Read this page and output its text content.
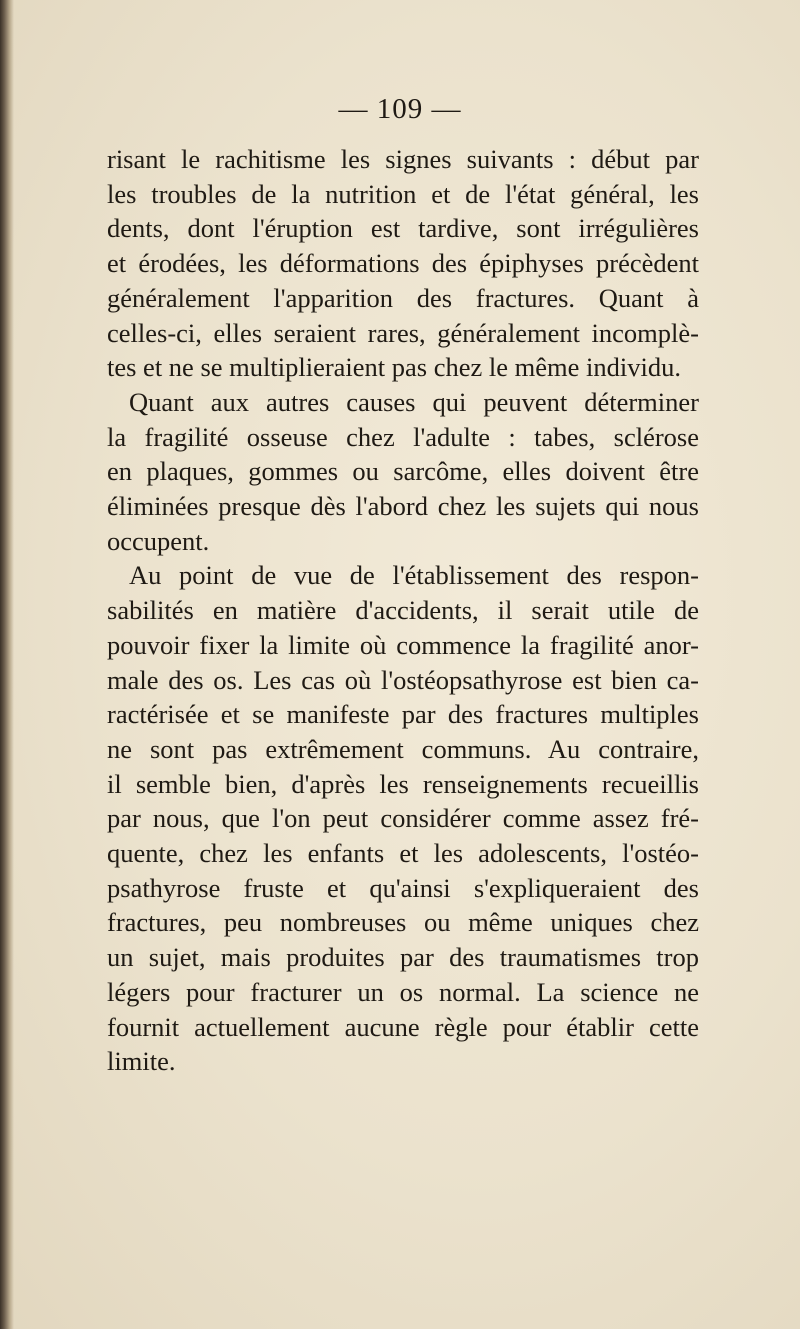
— 109 —
risant le rachitisme les signes suivants : début par
les troubles de la nutrition et de l'état général, les
dents, dont l'éruption est tardive, sont irrégulières
et érodées, les déformations des épiphyses précèdent
généralement l'apparition des fractures. Quant à
celles-ci, elles seraient rares, généralement incomplè-
tes et ne se multiplieraient pas chez le même individu.
Quant aux autres causes qui peuvent déterminer
la fragilité osseuse chez l'adulte : tabes, sclérose
en plaques, gommes ou sarcôme, elles doivent être
éliminées presque dès l'abord chez les sujets qui nous
occupent.
Au point de vue de l'établissement des respon-
sabilités en matière d'accidents, il serait utile de
pouvoir fixer la limite où commence la fragilité anor-
male des os. Les cas où l'ostéopsathyrose est bien ca-
ractérisée et se manifeste par des fractures multiples
ne sont pas extrêmement communs. Au contraire,
il semble bien, d'après les renseignements recueillis
par nous, que l'on peut considérer comme assez fré-
quente, chez les enfants et les adolescents, l'ostéo-
psathyrose fruste et qu'ainsi s'expliqueraient des
fractures, peu nombreuses ou même uniques chez
un sujet, mais produites par des traumatismes trop
légers pour fracturer un os normal. La science ne
fournit actuellement aucune règle pour établir cette
limite.
